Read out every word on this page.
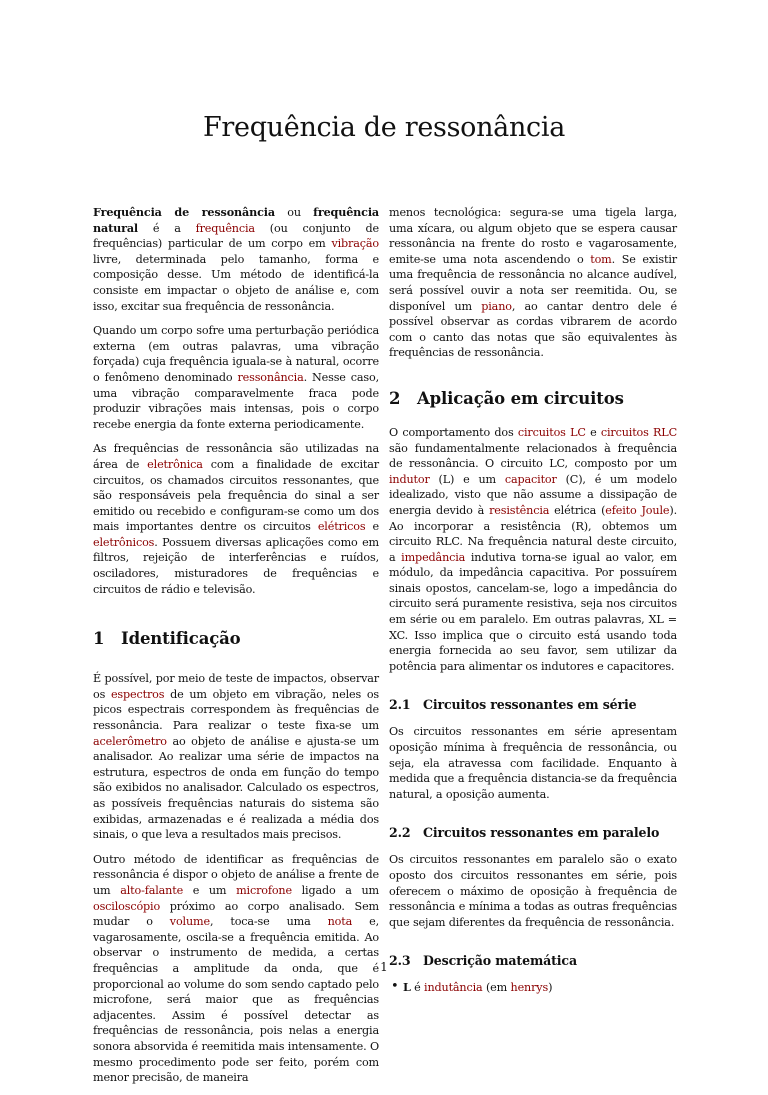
Frequência de ressonância

Frequência de ressonância ou frequência natural é a frequência (ou conjunto de frequências) particular de um corpo em vibração livre, determinada pelo tamanho, forma e composição desse. Um método de identificá-la consiste em impactar o objeto de análise e, com isso, excitar sua frequência de ressonância.

Quando um corpo sofre uma perturbação periódica externa (em outras palavras, uma vibração forçada) cuja frequência iguala-se à natural, ocorre o fenômeno denominado ressonância. Nesse caso, uma vibração comparavelmente fraca pode produzir vibrações mais intensas, pois o corpo recebe energia da fonte externa periodicamente.

As frequências de ressonância são utilizadas na área de eletrônica com a finalidade de excitar circuitos, os chamados circuitos ressonantes, que são responsáveis pela frequência do sinal a ser emitido ou recebido e configuram-se como um dos mais importantes dentre os circuitos elétricos e eletrônicos. Possuem diversas aplicações como em filtros, rejeição de interferências e ruídos, osciladores, misturadores de frequências e circuitos de rádio e televisão.

1 Identificação

É possível, por meio de teste de impactos, observar os espectros de um objeto em vibração, neles os picos espectrais correspondem às frequências de ressonância. Para realizar o teste fixa-se um acelerômetro ao objeto de análise e ajusta-se um analisador. Ao realizar uma série de impactos na estrutura, espectros de onda em função do tempo são exibidos no analisador. Calculado os espectros, as possíveis frequências naturais do sistema são exibidas, armazenadas e é realizada a média dos sinais, o que leva a resultados mais precisos.

Outro método de identificar as frequências de ressonância é dispor o objeto de análise a frente de um alto-falante e um microfone ligado a um osciloscópio próximo ao corpo analisado. Sem mudar o volume, toca-se uma nota e, vagarosamente, oscila-se a frequência emitida. Ao observar o instrumento de medida, a certas frequências a amplitude da onda, que é proporcional ao volume do som sendo captado pelo microfone, será maior que as frequências adjacentes. Assim é possível detectar as frequências de ressonância, pois nelas a energia sonora absorvida é reemitida mais intensamente. O mesmo procedimento pode ser feito, porém com menor precisão, de maneira

menos tecnológica: segura-se uma tigela larga, uma xícara, ou algum objeto que se espera causar ressonância na frente do rosto e vagarosamente, emite-se uma nota ascendendo o tom. Se existir uma frequência de ressonância no alcance audível, será possível ouvir a nota ser reemitida. Ou, se disponível um piano, ao cantar dentro dele é possível observar as cordas vibrarem de acordo com o canto das notas que são equivalentes às frequências de ressonância.

2 Aplicação em circuitos

O comportamento dos circuitos LC e circuitos RLC são fundamentalmente relacionados à frequência de ressonância. O circuito LC, composto por um indutor (L) e um capacitor (C), é um modelo idealizado, visto que não assume a dissipação de energia devido à resistência elétrica (efeito Joule). Ao incorporar a resistência (R), obtemos um circuito RLC. Na frequência natural deste circuito, a impedância indutiva torna-se igual ao valor, em módulo, da impedância capacitiva. Por possuírem sinais opostos, cancelam-se, logo a impedância do circuito será puramente resistiva, seja nos circuitos em série ou em paralelo. Em outras palavras, XL = XC. Isso implica que o circuito está usando toda energia fornecida ao seu favor, sem utilizar da potência para alimentar os indutores e capacitores.

2.1 Circuitos ressonantes em série

Os circuitos ressonantes em série apresentam oposição mínima à frequência de ressonância, ou seja, ela atravessa com facilidade. Enquanto à medida que a frequência distancia-se da frequência natural, a oposição aumenta.

2.2 Circuitos ressonantes em paralelo

Os circuitos ressonantes em paralelo são o exato oposto dos circuitos ressonantes em série, pois oferecem o máximo de oposição à frequência de ressonância e mínima a todas as outras frequências que sejam diferentes da frequência de ressonância.

2.3 Descrição matemática
• L é indutância (em henrys)
1
